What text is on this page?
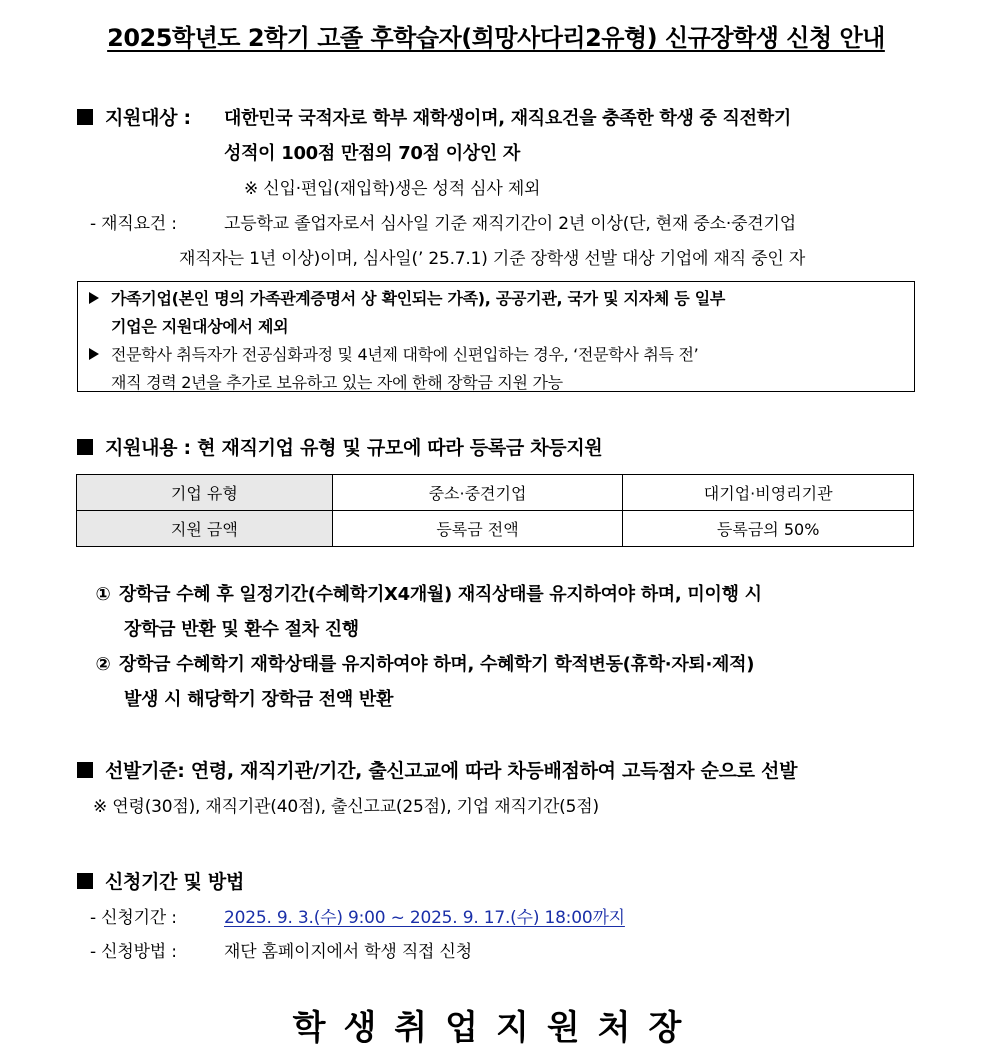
2025학년도 2학기 고졸 후학습자(희망사다리2유형) 신규장학생 신청 안내
지원대상 : 대한민국 국적자로 학부 재학생이며, 재직요건을 충족한 학생 중 직전학기
성적이 100점 만점의 70점 이상인 자
※ 신입·편입(재입학)생은 성적 심사 제외
- 재직요건 :	고등학교 졸업자로서 심사일 기준 재직기간이 2년 이상(단, 현재 중소·중견기업
재직자는 1년 이상)이며, 심사일(’ 25.7.1) 기준 장학생 선발 대상 기업에 재직 중인 자
가족기업(본인 명의 가족관계증명서 상 확인되는 가족), 공공기관, 국가 및 지자체 등 일부
기업은 지원대상에서 제외
전문학사 취득자가 전공심화과정 및 4년제 대학에 신편입하는 경우, ‘전문학사 취득 전’
재직 경력 2년을 추가로 보유하고 있는 자에 한해 장학금 지원 가능
지원내용 : 현 재직기업 유형 및 규모에 따라 등록금 차등지원
기업 유형	중소·중견기업	대기업·비영리기관
지원 금액	등록금 전액	등록금의 50%
① 장학금 수혜 후 일정기간(수혜학기X4개월) 재직상태를 유지하여야 하며, 미이행 시
장학금 반환 및 환수 절차 진행
② 장학금 수혜학기 재학상태를 유지하여야 하며, 수혜학기 학적변동(휴학·자퇴·제적)
발생 시 해당학기 장학금 전액 반환
선발기준: 연령, 재직기관/기간, 출신고교에 따라 차등배점하여 고득점자 순으로 선발
※ 연령(30점), 재직기관(40점), 출신고교(25점), 기업 재직기간(5점)
신청기간 및 방법
- 신청기간 :	2025. 9. 3.(수) 9:00 ~ 2025. 9. 17.(수) 18:00까지
- 신청방법 :	재단 홈페이지에서 학생 직접 신청
학생취업지원처장
